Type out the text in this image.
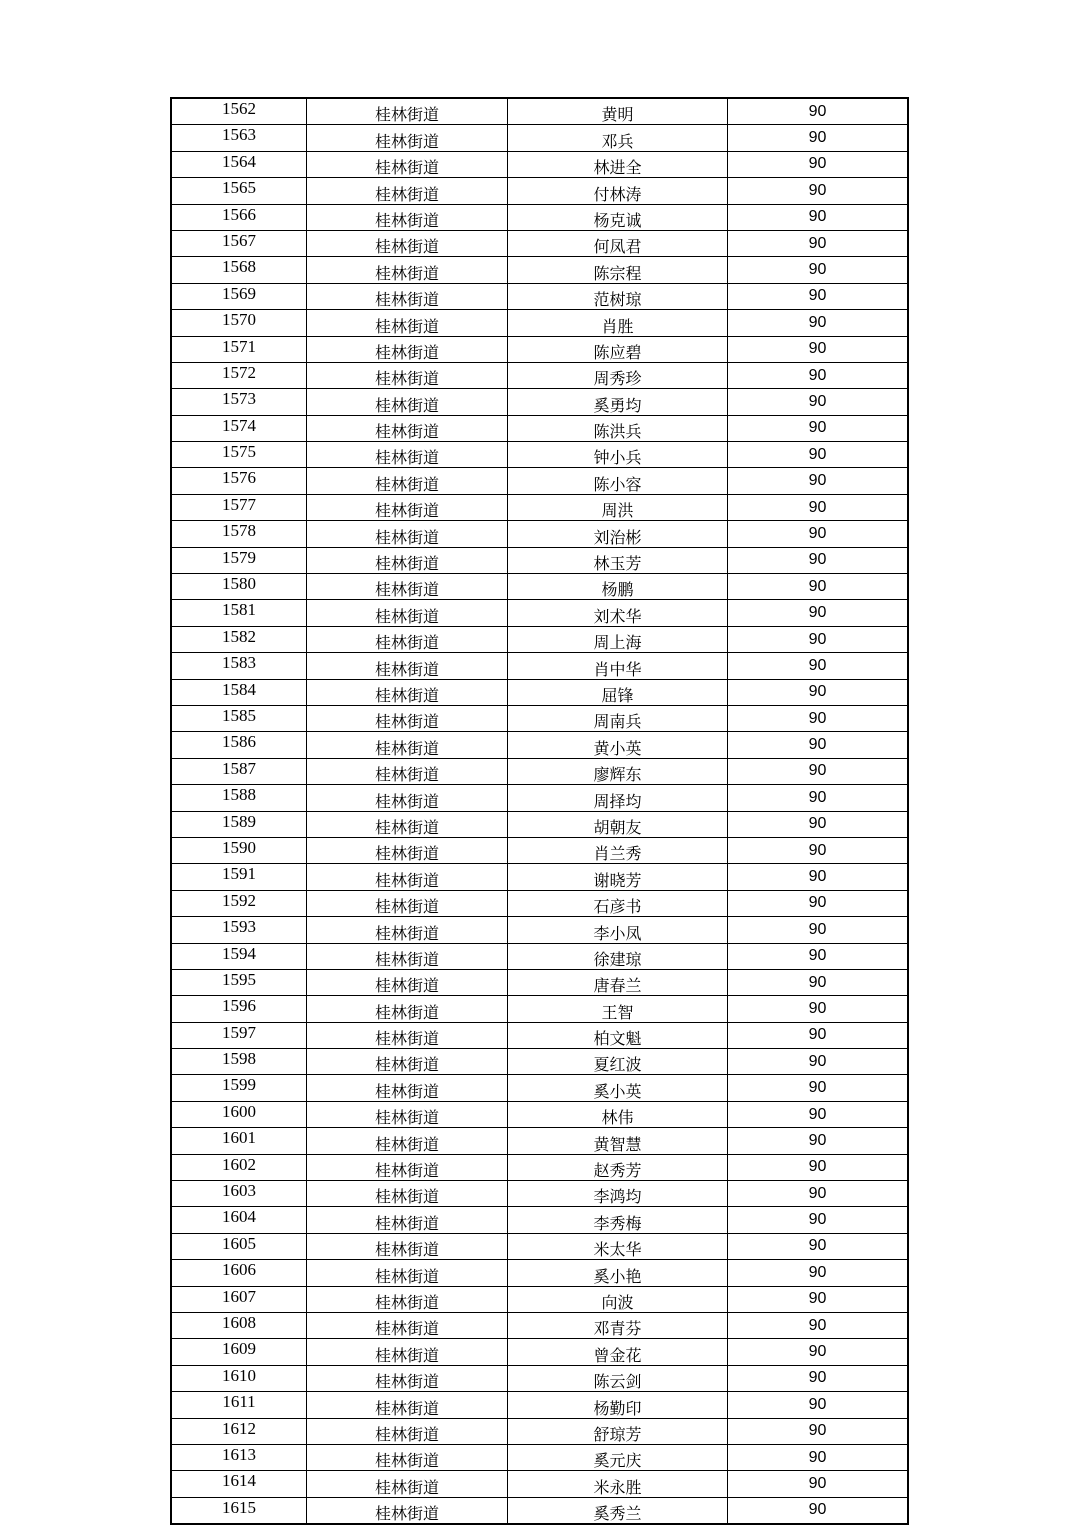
1562	桂林街道	黄明	90
1563	桂林街道	邓兵	90
1564	桂林街道	林进全	90
1565	桂林街道	付林涛	90
1566	桂林街道	杨克诚	90
1567	桂林街道	何凤君	90
1568	桂林街道	陈宗程	90
1569	桂林街道	范树琼	90
1570	桂林街道	肖胜	90
1571	桂林街道	陈应碧	90
1572	桂林街道	周秀珍	90
1573	桂林街道	奚勇均	90
1574	桂林街道	陈洪兵	90
1575	桂林街道	钟小兵	90
1576	桂林街道	陈小容	90
1577	桂林街道	周洪	90
1578	桂林街道	刘治彬	90
1579	桂林街道	林玉芳	90
1580	桂林街道	杨鹏	90
1581	桂林街道	刘术华	90
1582	桂林街道	周上海	90
1583	桂林街道	肖中华	90
1584	桂林街道	屈锋	90
1585	桂林街道	周南兵	90
1586	桂林街道	黄小英	90
1587	桂林街道	廖辉东	90
1588	桂林街道	周择均	90
1589	桂林街道	胡朝友	90
1590	桂林街道	肖兰秀	90
1591	桂林街道	谢晓芳	90
1592	桂林街道	石彦书	90
1593	桂林街道	李小凤	90
1594	桂林街道	徐建琼	90
1595	桂林街道	唐春兰	90
1596	桂林街道	王智	90
1597	桂林街道	柏文魁	90
1598	桂林街道	夏红波	90
1599	桂林街道	奚小英	90
1600	桂林街道	林伟	90
1601	桂林街道	黄智慧	90
1602	桂林街道	赵秀芳	90
1603	桂林街道	李鸿均	90
1604	桂林街道	李秀梅	90
1605	桂林街道	米太华	90
1606	桂林街道	奚小艳	90
1607	桂林街道	向波	90
1608	桂林街道	邓青芬	90
1609	桂林街道	曾金花	90
1610	桂林街道	陈云剑	90
1611	桂林街道	杨勤印	90
1612	桂林街道	舒琼芳	90
1613	桂林街道	奚元庆	90
1614	桂林街道	米永胜	90
1615	桂林街道	奚秀兰	90
